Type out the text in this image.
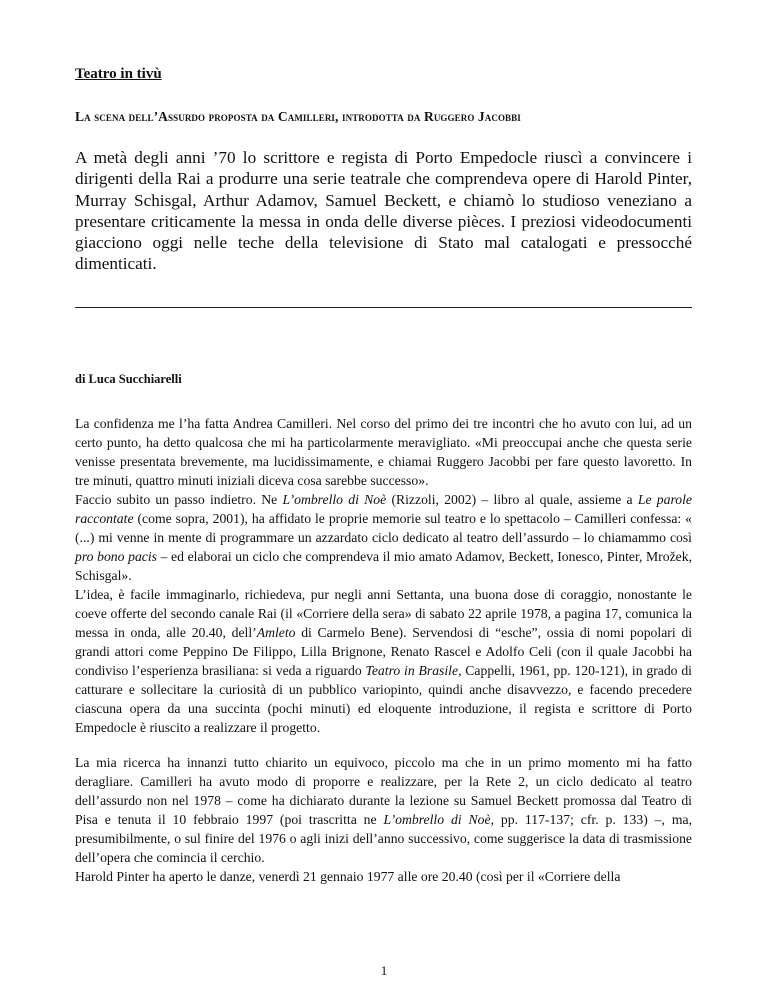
Teatro in tivù
La scena dell’Assurdo proposta da Camilleri, introdotta da Ruggero Jacobbi
A metà degli anni ’70 lo scrittore e regista di Porto Empedocle riuscì a convincere i dirigenti della Rai a produrre una serie teatrale che comprendeva opere di Harold Pinter, Murray Schisgal, Arthur Adamov, Samuel Beckett, e chiamò lo studioso veneziano a presentare criticamente la messa in onda delle diverse pièces. I preziosi videodocumenti giacciono oggi nelle teche della televisione di Stato mal catalogati e pressocché dimenticati.
di Luca Succhiarelli

La confidenza me l’ha fatta Andrea Camilleri. Nel corso del primo dei tre incontri che ho avuto con lui, ad un certo punto, ha detto qualcosa che mi ha particolarmente meravigliato. «Mi preoccupai anche che questa serie venisse presentata brevemente, ma lucidissimamente, e chiamai Ruggero Jacobbi per fare questo lavoretto. In tre minuti, quattro minuti iniziali diceva cosa sarebbe successo».

Faccio subito un passo indietro. Ne L’ombrello di Noè (Rizzoli, 2002) – libro al quale, assieme a Le parole raccontate (come sopra, 2001), ha affidato le proprie memorie sul teatro e lo spettacolo – Camilleri confessa: « (...) mi venne in mente di programmare un azzardato ciclo dedicato al teatro dell’assurdo – lo chiamammo così pro bono pacis – ed elaborai un ciclo che comprendeva il mio amato Adamov, Beckett, Ionesco, Pinter, Mrožek, Schisgal».

L’idea, è facile immaginarlo, richiedeva, pur negli anni Settanta, una buona dose di coraggio, nonostante le coeve offerte del secondo canale Rai (il «Corriere della sera» di sabato 22 aprile 1978, a pagina 17, comunica la messa in onda, alle 20.40, dell’Amleto di Carmelo Bene). Servendosi di “esche”, ossia di nomi popolari di grandi attori come Peppino De Filippo, Lilla Brignone, Renato Rascel e Adolfo Celi (con il quale Jacobbi ha condiviso l’esperienza brasiliana: si veda a riguardo Teatro in Brasile, Cappelli, 1961, pp. 120-121), in grado di catturare e sollecitare la curiosità di un pubblico variopinto, quindi anche disavvezzo, e facendo precedere ciascuna opera da una succinta (pochi minuti) ed eloquente introduzione, il regista e scrittore di Porto Empedocle è riuscito a realizzare il progetto.

La mia ricerca ha innanzi tutto chiarito un equivoco, piccolo ma che in un primo momento mi ha fatto deragliare. Camilleri ha avuto modo di proporre e realizzare, per la Rete 2, un ciclo dedicato al teatro dell’assurdo non nel 1978 – come ha dichiarato durante la lezione su Samuel Beckett promossa dal Teatro di Pisa e tenuta il 10 febbraio 1997 (poi trascritta ne L’ombrello di Noè, pp. 117-137; cfr. p. 133) –, ma, presumibilmente, o sul finire del 1976 o agli inizi dell’anno successivo, come suggerisce la data di trasmissione dell’opera che comincia il cerchio.

Harold Pinter ha aperto le danze, venerdì 21 gennaio 1977 alle ore 20.40 (così per il «Corriere della

1
